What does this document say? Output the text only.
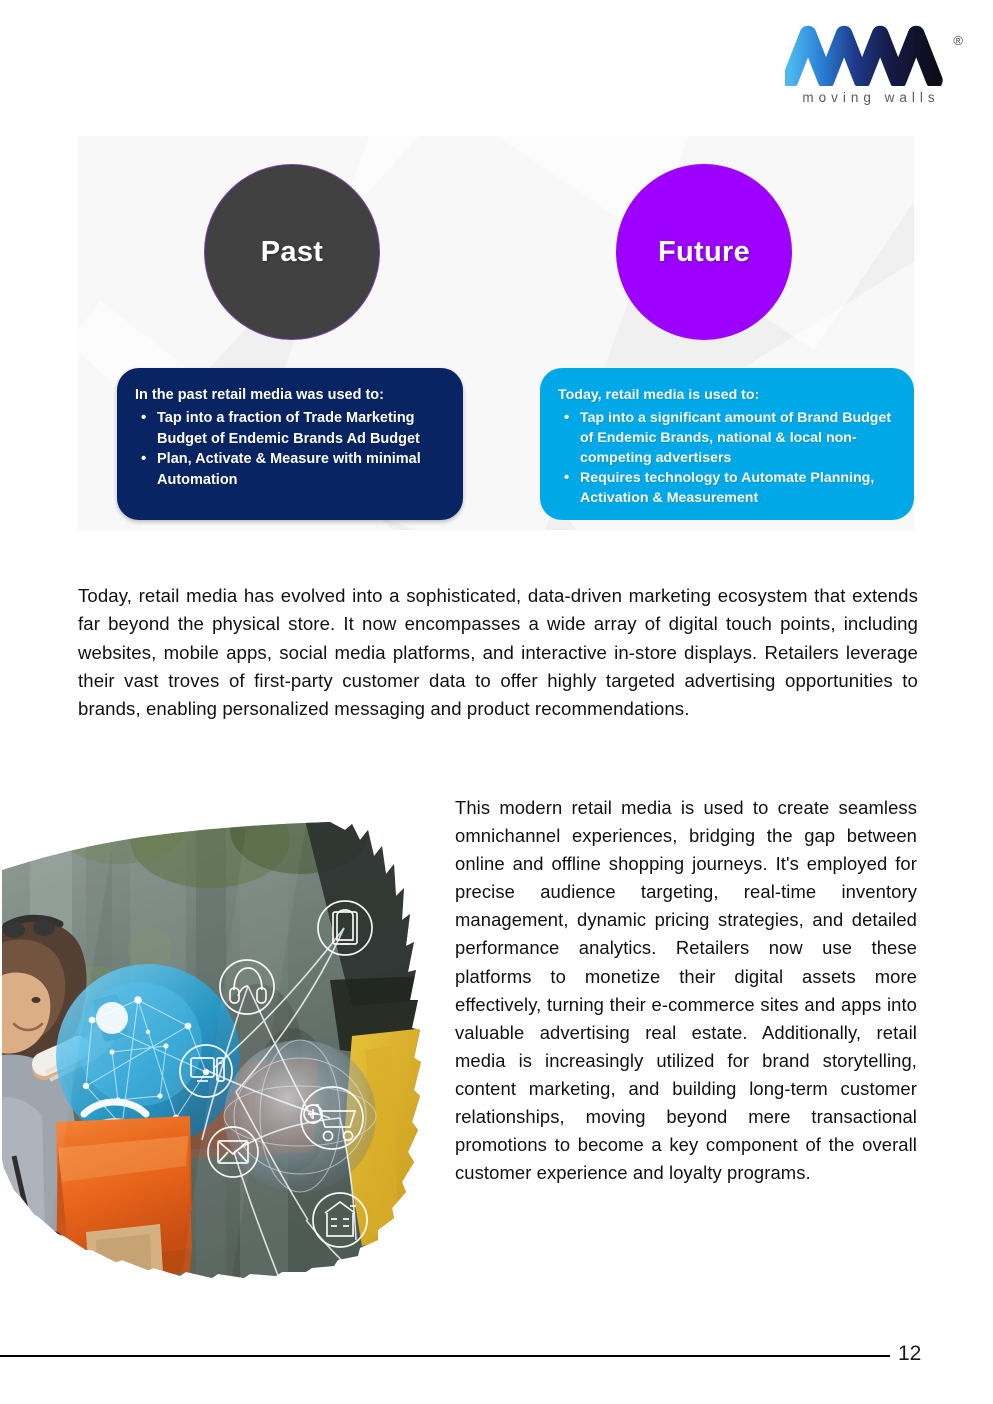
®
moving walls
Past	Future
In the past retail media was used to:
• Tap into a fraction of Trade Marketing Budget of Endemic Brands Ad Budget
• Plan, Activate & Measure with minimal Automation
Today, retail media is used to:
• Tap into a significant amount of Brand Budget of Endemic Brands, national & local non-competing advertisers
• Requires technology to Automate Planning, Activation & Measurement

Today, retail media has evolved into a sophisticated, data-driven marketing ecosystem that extends far beyond the physical store. It now encompasses a wide array of digital touch points, including websites, mobile apps, social media platforms, and interactive in-store displays. Retailers leverage their vast troves of first-party customer data to offer highly targeted advertising opportunities to brands, enabling personalized messaging and product recommendations.

This modern retail media is used to create seamless omnichannel experiences, bridging the gap between online and offline shopping journeys. It's employed for precise audience targeting, real-time inventory management, dynamic pricing strategies, and detailed performance analytics. Retailers now use these platforms to monetize their digital assets more effectively, turning their e-commerce sites and apps into valuable advertising real estate. Additionally, retail media is increasingly utilized for brand storytelling, content marketing, and building long-term customer relationships, moving beyond mere transactional promotions to become a key component of the overall customer experience and loyalty programs.

12
